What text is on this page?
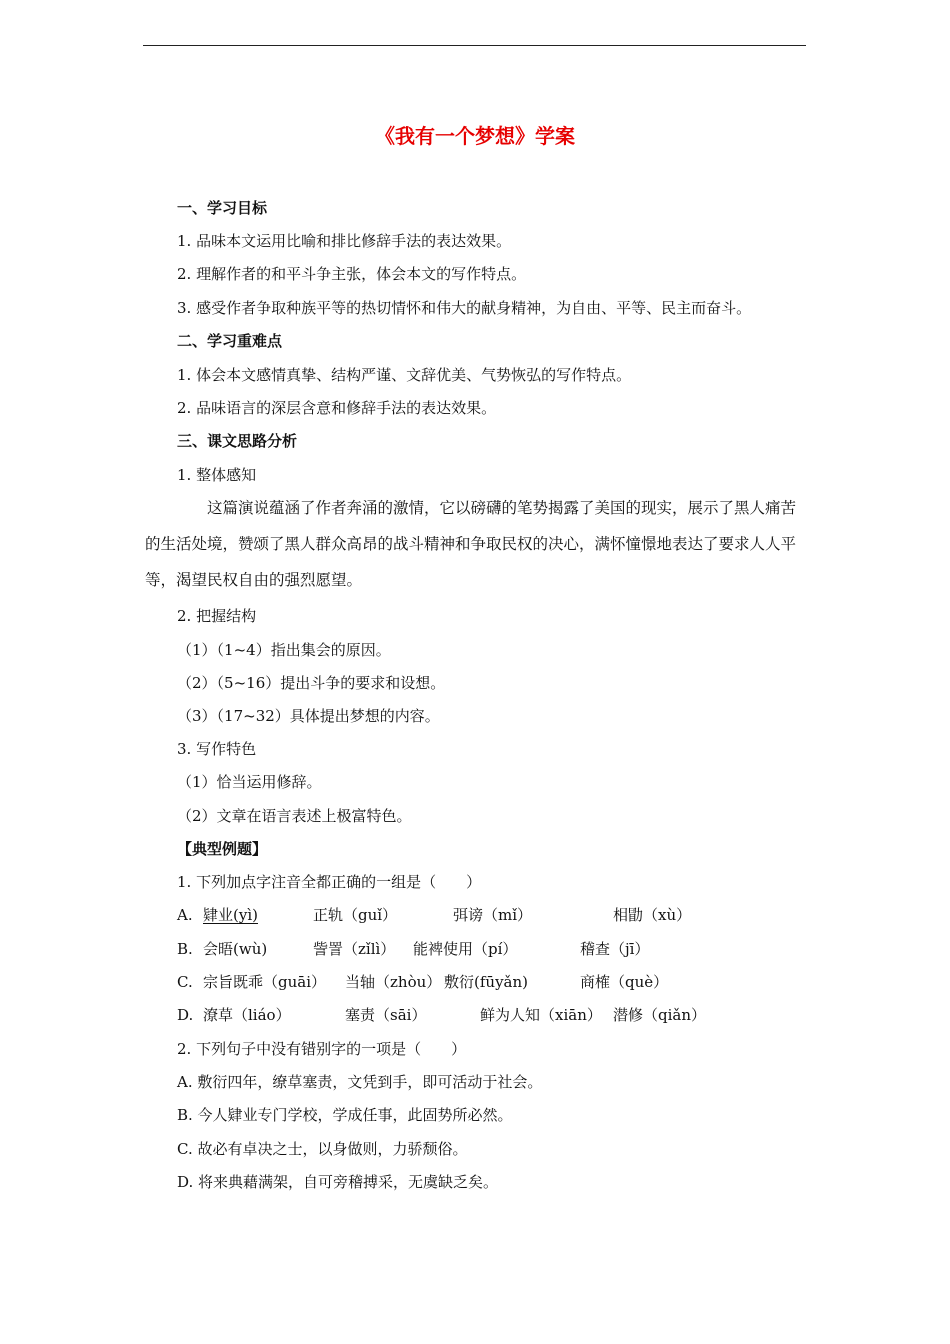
《我有一个梦想》学案
一、学习目标
1. 品味本文运用比喻和排比修辞手法的表达效果。
2. 理解作者的和平斗争主张，体会本文的写作特点。
3. 感受作者争取种族平等的热切情怀和伟大的献身精神，为自由、平等、民主而奋斗。
二、学习重难点
1. 体会本文感情真挚、结构严谨、文辞优美、气势恢弘的写作特点。
2. 品味语言的深层含意和修辞手法的表达效果。
三、课文思路分析
1. 整体感知
这篇演说蕴涵了作者奔涌的激情，它以磅礴的笔势揭露了美国的现实，展示了黑人痛苦的生活处境，赞颂了黑人群众高昂的战斗精神和争取民权的决心，满怀憧憬地表达了要求人人平等，渴望民权自由的强烈愿望。
2. 把握结构
（1）（1~4）指出集会的原因。
（2）（5~16）提出斗争的要求和设想。
（3）（17~32）具体提出梦想的内容。
3. 写作特色
（1）恰当运用修辞。
（2）文章在语言表述上极富特色。
【典型例题】
1. 下列加点字注音全都正确的一组是（　　）
A. 肄业(yì)	正轨（guǐ）	弭谤（mǐ）	相勖（xù）
B. 会晤(wù)	訾詈（zǐlì） 能裨使用（pí）	稽查（jī）
C. 宗旨既乖（guāi） 当轴（zhòu） 敷衍(fūyǎn)	商榷（què）
D. 潦草（liáo）	塞责（sāi）	鲜为人知（xiān） 潜修（qiǎn）
2. 下列句子中没有错别字的一项是（　　）
A. 敷衍四年，缭草塞责，文凭到手，即可活动于社会。
B. 今人肄业专门学校，学成任事，此固势所必然。
C. 故必有卓决之士，以身做则，力骄颓俗。
D. 将来典藉满架，自可旁稽搏采，无虞缺乏矣。
